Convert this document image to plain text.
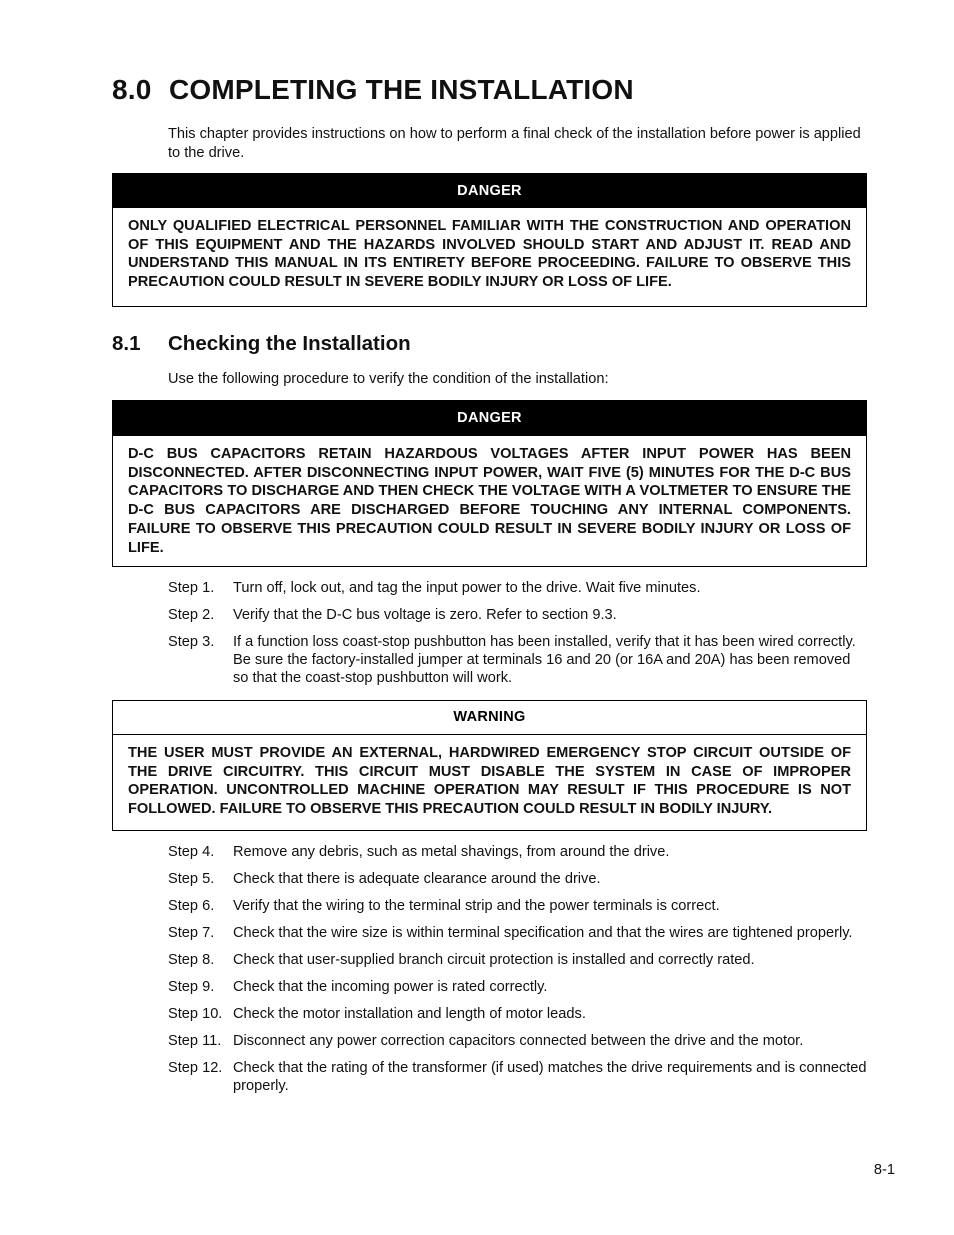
8.0 COMPLETING THE INSTALLATION

This chapter provides instructions on how to perform a final check of the installation before power is applied to the drive.

DANGER
ONLY QUALIFIED ELECTRICAL PERSONNEL FAMILIAR WITH THE CONSTRUCTION AND OPERATION OF THIS EQUIPMENT AND THE HAZARDS INVOLVED SHOULD START AND ADJUST IT. READ AND UNDERSTAND THIS MANUAL IN ITS ENTIRETY BEFORE PROCEEDING. FAILURE TO OBSERVE THIS PRECAUTION COULD RESULT IN SEVERE BODILY INJURY OR LOSS OF LIFE.
8.1 Checking the Installation

Use the following procedure to verify the condition of the installation:

DANGER
D-C BUS CAPACITORS RETAIN HAZARDOUS VOLTAGES AFTER INPUT POWER HAS BEEN DISCONNECTED. AFTER DISCONNECTING INPUT POWER, WAIT FIVE (5) MINUTES FOR THE D-C BUS CAPACITORS TO DISCHARGE AND THEN CHECK THE VOLTAGE WITH A VOLTMETER TO ENSURE THE D-C BUS CAPACITORS ARE DISCHARGED BEFORE TOUCHING ANY INTERNAL COMPONENTS. FAILURE TO OBSERVE THIS PRECAUTION COULD RESULT IN SEVERE BODILY INJURY OR LOSS OF LIFE.
Step 1.	Turn off, lock out, and tag the input power to the drive. Wait five minutes.
Step 2.	Verify that the D-C bus voltage is zero. Refer to section 9.3.
Step 3.	If a function loss coast-stop pushbutton has been installed, verify that it has been wired correctly. Be sure the factory-installed jumper at terminals 16 and 20 (or 16A and 20A) has been removed so that the coast-stop pushbutton will work.
WARNING
THE USER MUST PROVIDE AN EXTERNAL, HARDWIRED EMERGENCY STOP CIRCUIT OUTSIDE OF THE DRIVE CIRCUITRY. THIS CIRCUIT MUST DISABLE THE SYSTEM IN CASE OF IMPROPER OPERATION. UNCONTROLLED MACHINE OPERATION MAY RESULT IF THIS PROCEDURE IS NOT FOLLOWED. FAILURE TO OBSERVE THIS PRECAUTION COULD RESULT IN BODILY INJURY.
Step 4.	Remove any debris, such as metal shavings, from around the drive.
Step 5.	Check that there is adequate clearance around the drive.
Step 6.	Verify that the wiring to the terminal strip and the power terminals is correct.
Step 7.	Check that the wire size is within terminal specification and that the wires are tightened properly.
Step 8.	Check that user-supplied branch circuit protection is installed and correctly rated.
Step 9.	Check that the incoming power is rated correctly.
Step 10. Check the motor installation and length of motor leads.
Step 11. Disconnect any power correction capacitors connected between the drive and the motor.
Step 12. Check that the rating of the transformer (if used) matches the drive requirements and is connected properly.
8-1
